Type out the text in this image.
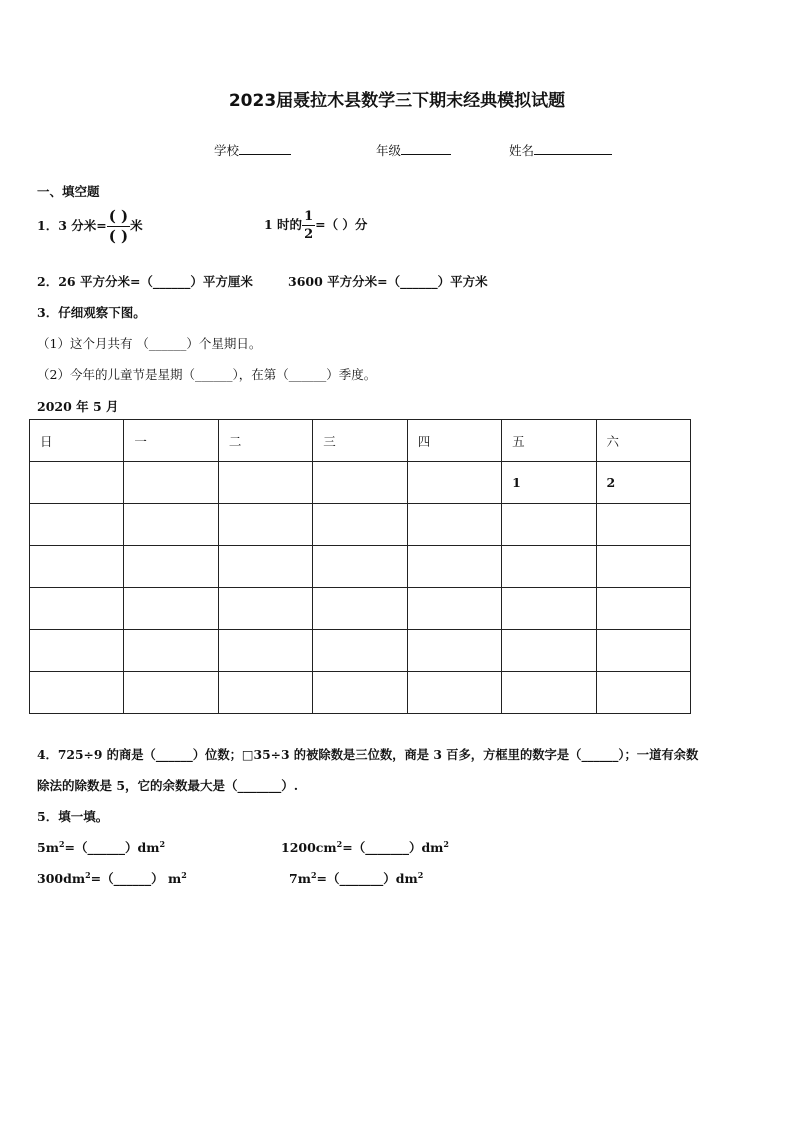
2023届聂拉木县数学三下期末经典模拟试题
学校	年级	姓名
一、填空题
1．3 分米= $\frac{( )}{( )}$ 米	1 时的 $\frac{1}{2}$ =（ ）分
2．26 平方分米=（______）平方厘米	3600 平方分米=（______）平方米
3．仔细观察下图。
（1）这个月共有 （______）个星期日。
（2）今年的儿童节是星期（______），在第（______）季度。
2020 年 5 月
日	一	二	三	四	五	六
					1	2

4．725÷9 的商是（______）位数；□35÷3 的被除数是三位数，商是 3 百多，方框里的数字是（______）；一道有余数
除法的除数是 5，它的余数最大是（_______）.
5．填一填。
$5m^2=(\_\_\_\_\_\_)dm^2$	$1200cm^2=(\_\_\_\_\_\_\_)dm^2$
$300dm^2=(\_\_\_\_\_\_)$ $m^2$	$7m^2=(\_\_\_\_\_\_\_)dm^2$
